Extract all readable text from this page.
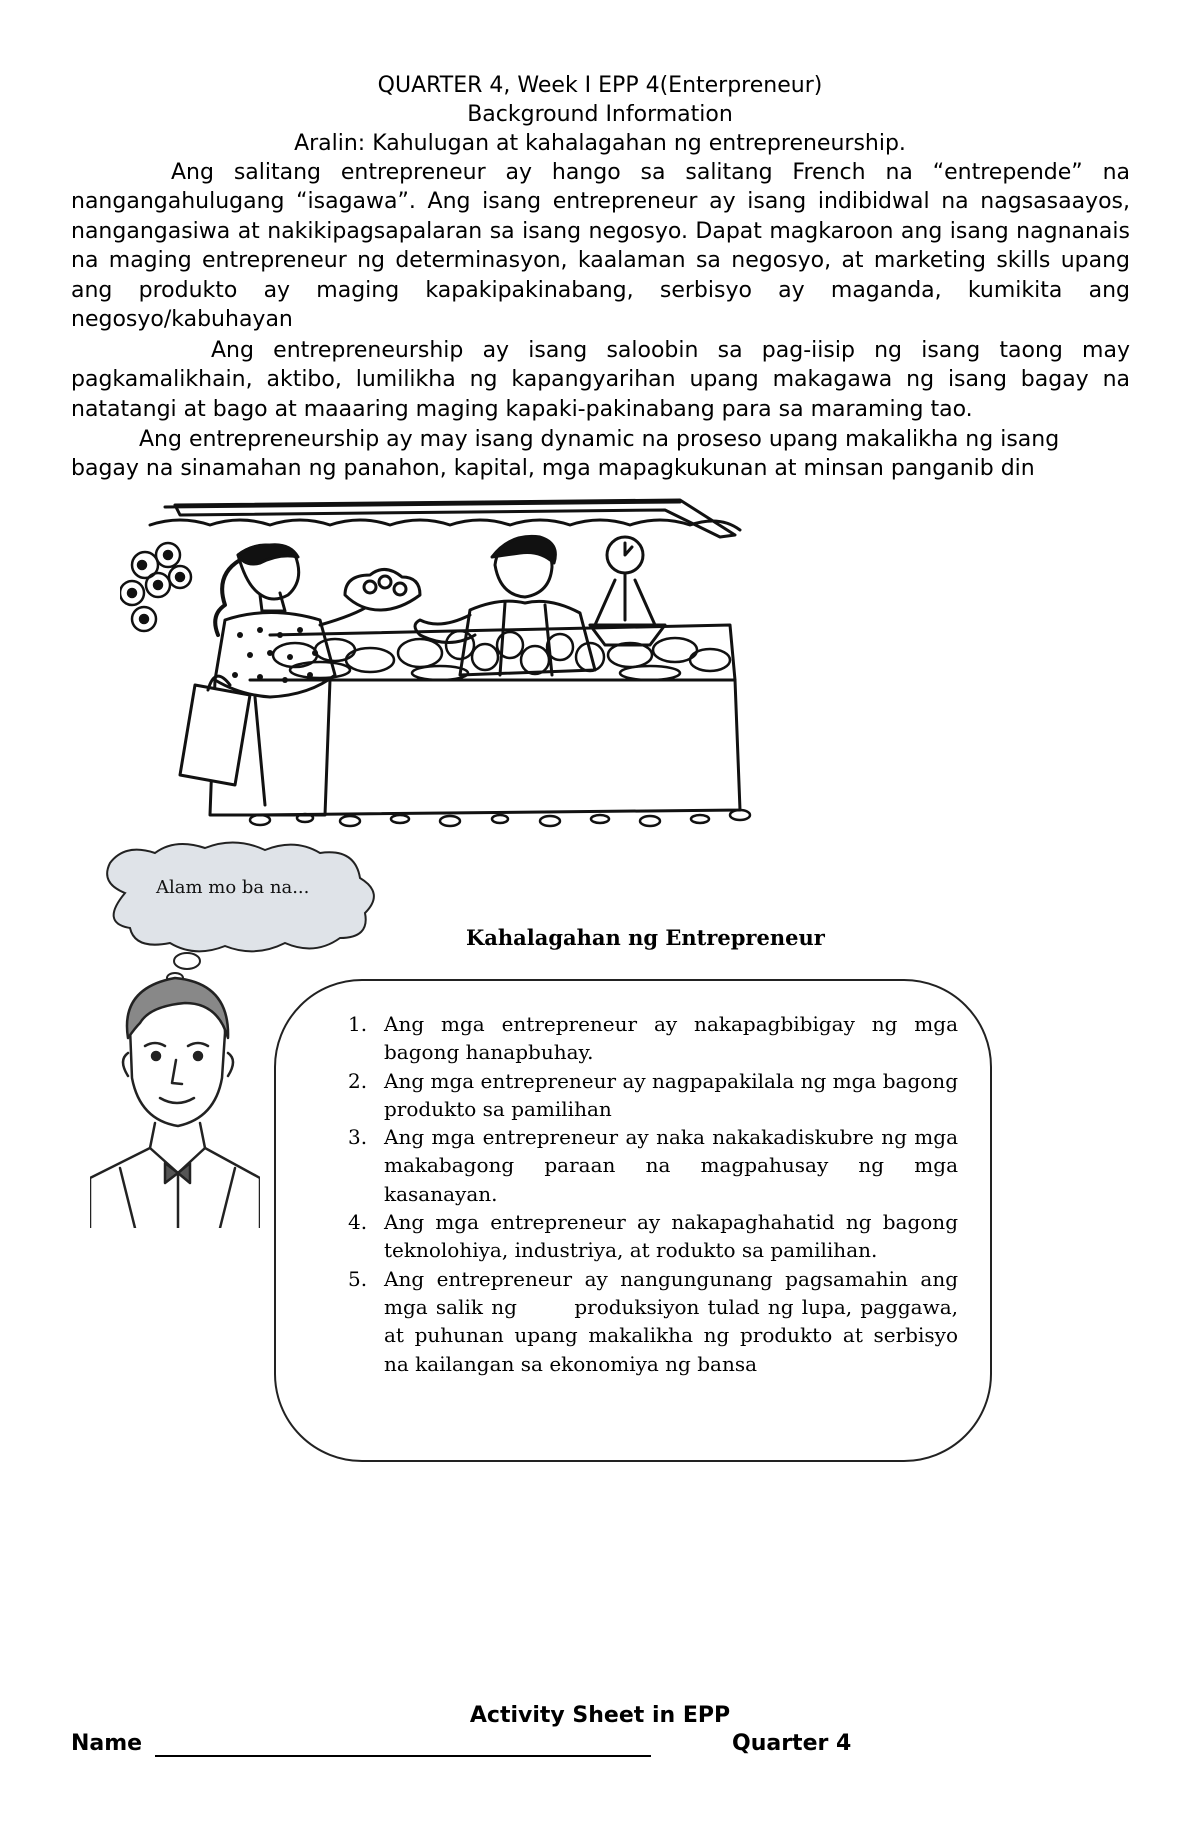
QUARTER 4, Week I EPP 4(Enterpreneur)
Background Information
Aralin: Kahulugan at kahalagahan ng entrepreneurship.

Ang salitang entrepreneur ay hango sa salitang French na “entrepende” na nangangahulugang “isagawa”. Ang isang entrepreneur ay isang indibidwal na nagsasaayos, nangangasiwa at nakikipagsapalaran sa isang negosyo. Dapat magkaroon ang isang nagnanais na maging entrepreneur ng determinasyon, kaalaman sa negosyo, at marketing skills upang ang produkto ay maging kapakipakinabang, serbisyo ay maganda, kumikita ang negosyo/kabuhayan

Ang entrepreneurship ay isang saloobin sa pag-iisip ng isang taong may pagkamalikhain, aktibo, lumilikha ng kapangyarihan upang makagawa ng isang bagay na natatangi at bago at maaaring maging kapaki-pakinabang para sa maraming tao.

Ang entrepreneurship ay may isang dynamic na proseso upang makalikha ng isang bagay na sinamahan ng panahon, kapital, mga mapagkukunan at minsan panganib din

Alam mo ba na...
Kahalagahan ng Entrepreneur
1. Ang mga entrepreneur ay nakapagbibigay ng mga bagong hanapbuhay.
2. Ang mga entrepreneur ay nagpapakilala ng mga bagong produkto sa pamilihan
3. Ang mga entrepreneur ay naka nakakadiskubre ng mga makabagong paraan na magpahusay ng mga kasanayan.
4. Ang mga entrepreneur ay nakapaghahatid ng bagong teknolohiya, industriya, at rodukto sa pamilihan.
5. Ang entrepreneur ay nangungunang pagsamahin ang mga salik ng       produksiyon tulad ng lupa, paggawa, at puhunan upang makalikha ng produkto at serbisyo na kailangan sa ekonomiya ng bansa
Activity Sheet in EPP
Name	Quarter 4
